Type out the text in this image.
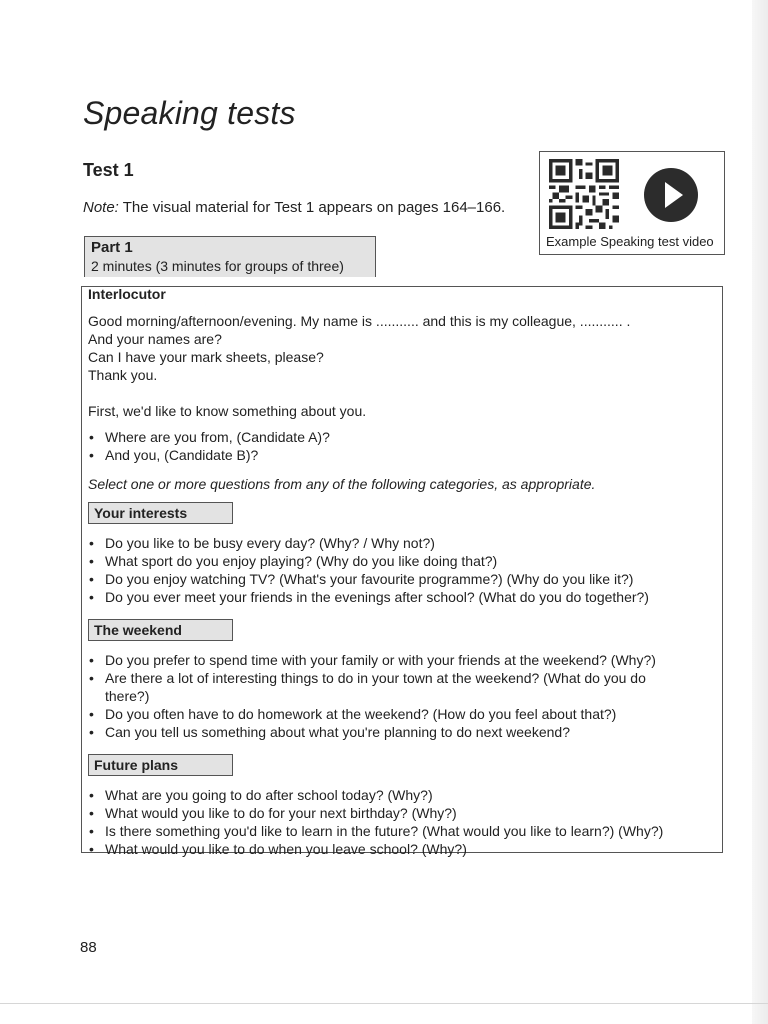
Speaking tests
Test 1
Note: The visual material for Test 1 appears on pages 164–166.
Example Speaking test video
Part 1
2 minutes (3 minutes for groups of three)
Interlocutor
Good morning/afternoon/evening. My name is ........... and this is my colleague, ........... .
And your names are?
Can I have your mark sheets, please?
Thank you.
First, we'd like to know something about you.
• Where are you from, (Candidate A)?
• And you, (Candidate B)?
Select one or more questions from any of the following categories, as appropriate.
Your interests
• Do you like to be busy every day? (Why? / Why not?)
• What sport do you enjoy playing? (Why do you like doing that?)
• Do you enjoy watching TV? (What's your favourite programme?) (Why do you like it?)
• Do you ever meet your friends in the evenings after school? (What do you do together?)
The weekend
• Do you prefer to spend time with your family or with your friends at the weekend? (Why?)
• Are there a lot of interesting things to do in your town at the weekend? (What do you do there?)
• Do you often have to do homework at the weekend? (How do you feel about that?)
• Can you tell us something about what you're planning to do next weekend?
Future plans
• What are you going to do after school today? (Why?)
• What would you like to do for your next birthday? (Why?)
• Is there something you'd like to learn in the future? (What would you like to learn?) (Why?)
• What would you like to do when you leave school? (Why?)
88
